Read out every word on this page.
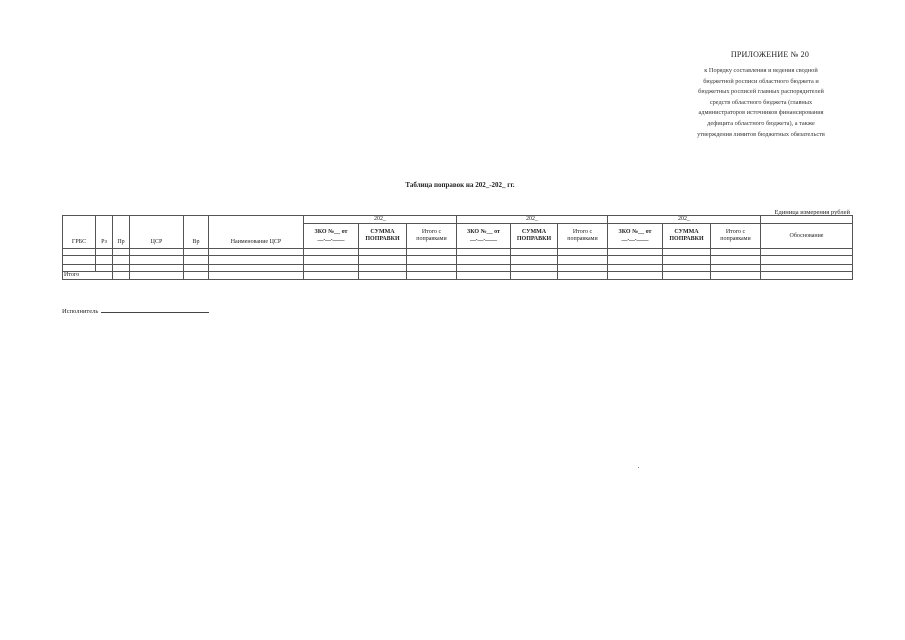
ПРИЛОЖЕНИЕ № 20
к Порядку составления и ведения сводной
бюджетной росписи областного бюджета и
бюджетных росписей главных распорядителей
средств областного бюджета (главных
администраторов источников финансирования
дефицита областного бюджета), а также
утверждения лимитов бюджетных обязательств
Таблица поправок на 202_-202_ гг.
Единица измерения рублей
ГРБС	Рз	Пр	ЦСР	Вр	Наименование ЦСР	202_			202_			202_			
						ЗКО №__ от __.__.____	СУММА ПОПРАВКИ	Итого с поправками	ЗКО №__ от __.__.____	СУММА ПОПРАВКИ	Итого с поправками	ЗКО №__ от __.__.____	СУММА ПОПРАВКИ	Итого с поправками	Обоснование

Итого															
Исполнитель
